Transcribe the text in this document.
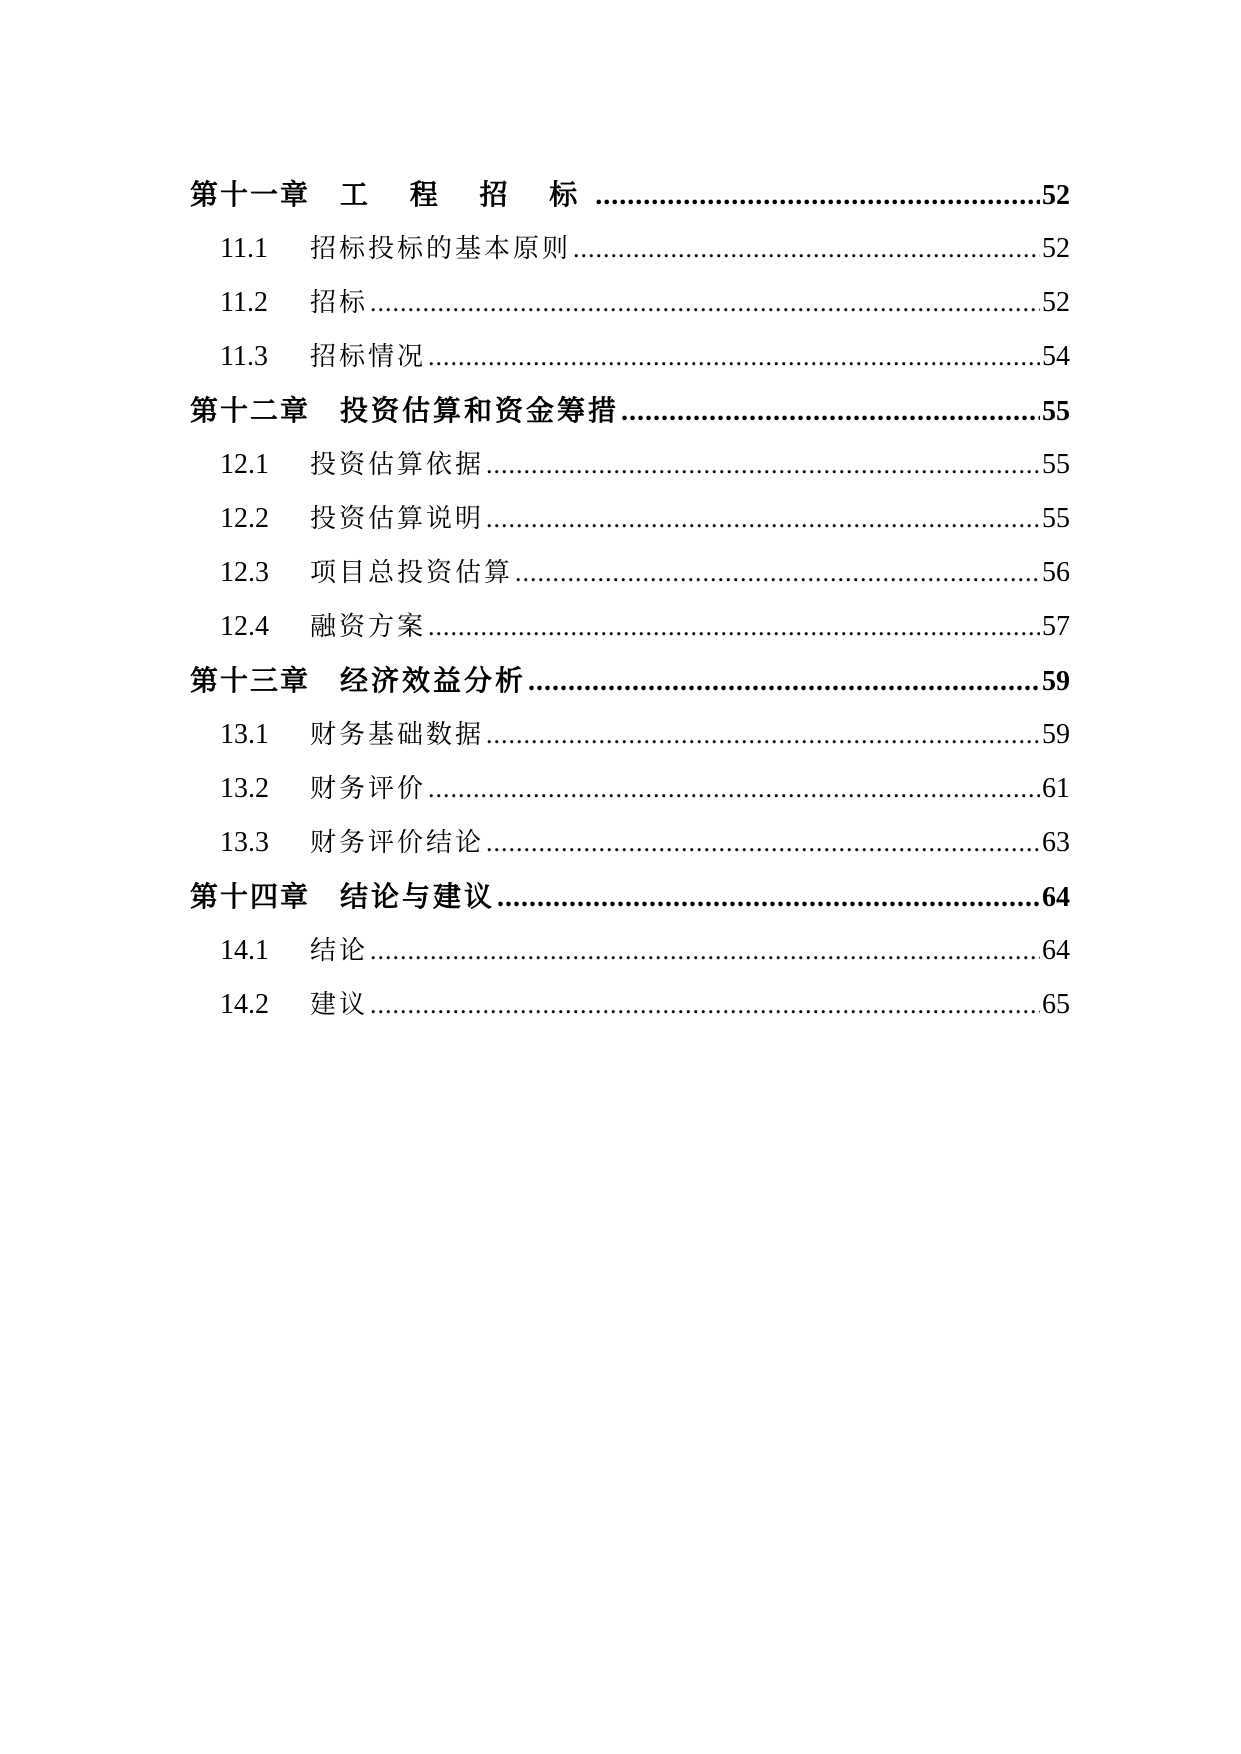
第十一章	工 程 招 标 .....	52
11.1	招标投标的基本原则 .....	52
11.2	招标 .....	52
11.3	招标情况 .....	54
第十二章	投资估算和资金筹措 .....	55
12.1	投资估算依据 .....	55
12.2	投资估算说明 .....	55
12.3	项目总投资估算 .....	56
12.4	融资方案 .....	57
第十三章	经济效益分析 .....	59
13.1	财务基础数据 .....	59
13.2	财务评价 .....	61
13.3	财务评价结论 .....	63
第十四章	结论与建议 .....	64
14.1	结论 .....	64
14.2	建议 .....	65
